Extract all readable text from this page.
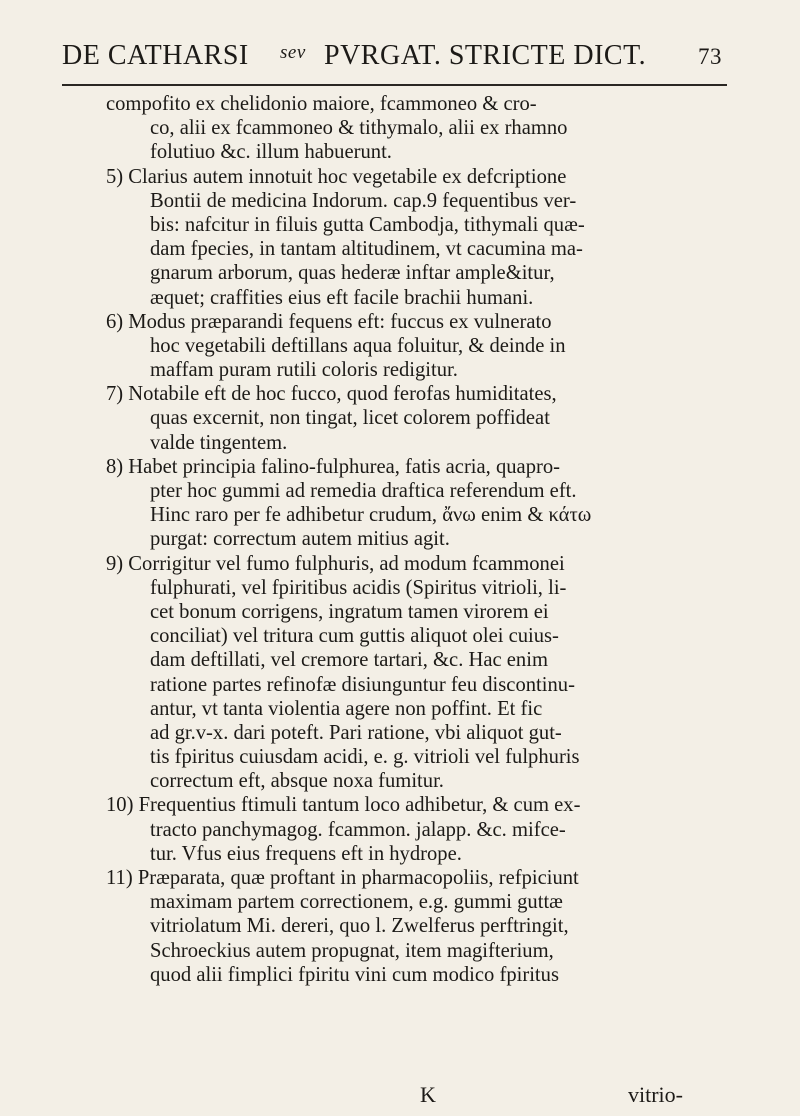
DE CATHARSI sev PVRGAT. STRICTE DICT. 73
compofito ex chelidonio maiore, fcammoneo & cro-
co, alii ex fcammoneo & tithymalo, alii ex rhamno
folutiuo &c. illum habuerunt.
5) Clarius autem innotuit hoc vegetabile ex defcriptione
Bontii de medicina Indorum. cap.9 fequentibus ver-
bis: nafcitur in filuis gutta Cambodja, tithymali quæ-
dam fpecies, in tantam altitudinem, vt cacumina ma-
gnarum arborum, quas hederæ inftar ample&itur,
æquet; craffities eius eft facile brachii humani.
6) Modus præparandi fequens eft: fuccus ex vulnerato
hoc vegetabili deftillans aqua foluitur, & deinde in
maffam puram rutili coloris redigitur.
7) Notabile eft de hoc fucco, quod ferofas humiditates,
quas excernit, non tingat, licet colorem poffideat
valde tingentem.
8) Habet principia falino-fulphurea, fatis acria, quapro-
pter hoc gummi ad remedia draftica referendum eft.
Hinc raro per fe adhibetur crudum, ἄνω enim & κάτω
purgat: correctum autem mitius agit.
9) Corrigitur vel fumo fulphuris, ad modum fcammonei
fulphurati, vel fpiritibus acidis (Spiritus vitrioli, li-
cet bonum corrigens, ingratum tamen virorem ei
conciliat) vel tritura cum guttis aliquot olei cuius-
dam deftillati, vel cremore tartari, &c. Hac enim
ratione partes refinofæ disiunguntur feu discontinu-
antur, vt tanta violentia agere non poffint. Et fic
ad gr.v-x. dari poteft. Pari ratione, vbi aliquot gut-
tis fpiritus cuiusdam acidi, e. g. vitrioli vel fulphuris
correctum eft, absque noxa fumitur.
10) Frequentius ftimuli tantum loco adhibetur, & cum ex-
tracto panchymagog. fcammon. jalapp. &c. mifce-
tur. Vfus eius frequens eft in hydrope.
11) Præparata, quæ proftant in pharmacopoliis, refpiciunt
maximam partem correctionem, e.g. gummi guttæ
vitriolatum Mi. dereri, quo l. Zwelferus perftringit,
Schroeckius autem propugnat, item magifterium,
quod alii fimplici fpiritu vini cum modico fpiritus
K	vitrio-
